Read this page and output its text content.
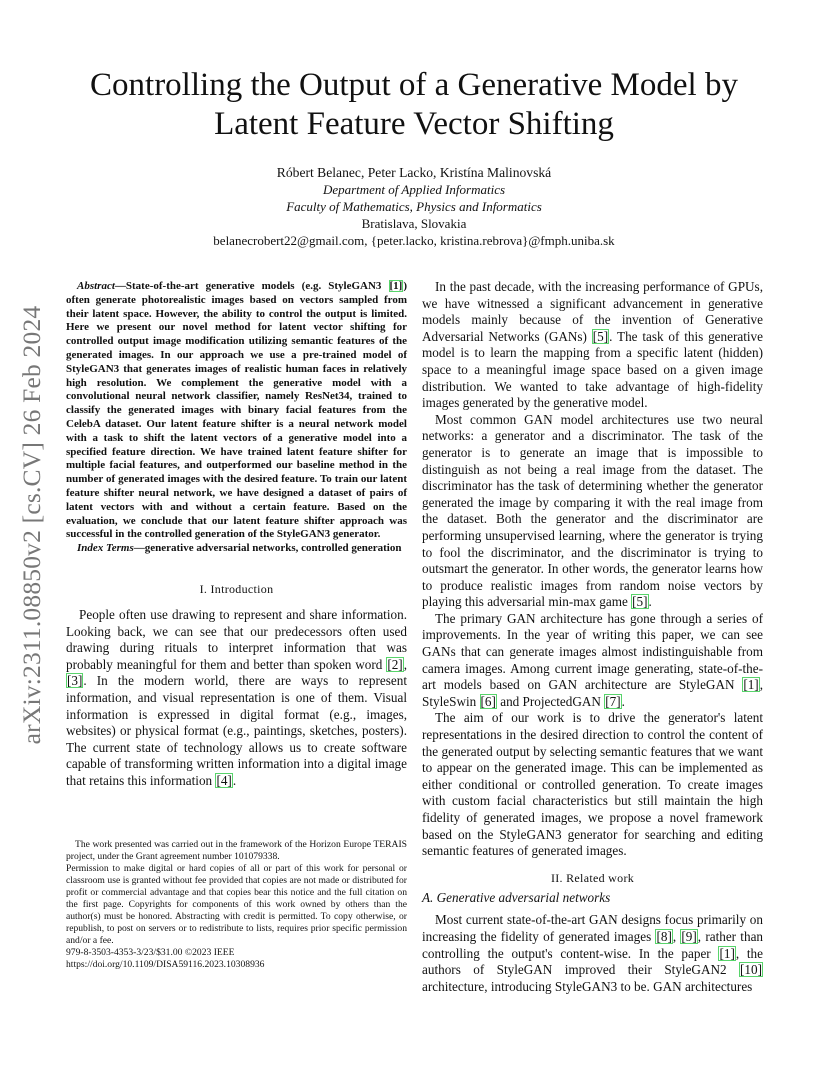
Controlling the Output of a Generative Model by
Latent Feature Vector Shifting
Róbert Belanec, Peter Lacko, Kristína Malinovská
Department of Applied Informatics
Faculty of Mathematics, Physics and Informatics
Bratislava, Slovakia
belanecrobert22@gmail.com, {peter.lacko, kristina.rebrova}@fmph.uniba.sk
arXiv:2311.08850v2 [cs.CV] 26 Feb 2024

Abstract—State-of-the-art generative models (e.g. StyleGAN3 [1]) often generate photorealistic images based on vectors sampled from their latent space. However, the ability to control the output is limited. Here we present our novel method for latent vector shifting for controlled output image modification utilizing semantic features of the generated images. In our approach we use a pre-trained model of StyleGAN3 that generates images of realistic human faces in relatively high resolution. We complement the generative model with a convolutional neural network classifier, namely ResNet34, trained to classify the generated images with binary facial features from the CelebA dataset. Our latent feature shifter is a neural network model with a task to shift the latent vectors of a generative model into a specified feature direction. We have trained latent feature shifter for multiple facial features, and outperformed our baseline method in the number of generated images with the desired feature. To train our latent feature shifter neural network, we have designed a dataset of pairs of latent vectors with and without a certain feature. Based on the evaluation, we conclude that our latent feature shifter approach was successful in the controlled generation of the StyleGAN3 generator.

Index Terms—generative adversarial networks, controlled generation

I. Introduction

People often use drawing to represent and share information. Looking back, we can see that our predecessors often used drawing during rituals to interpret information that was probably meaningful for them and better than spoken word [2], [3]. In the modern world, there are ways to represent information, and visual representation is one of them. Visual information is expressed in digital format (e.g., images, websites) or physical format (e.g., paintings, sketches, posters). The current state of technology allows us to create software capable of transforming written information into a digital image that retains this information [4].

The work presented was carried out in the framework of the Horizon Europe TERAIS project, under the Grant agreement number 101079338.

Permission to make digital or hard copies of all or part of this work for personal or classroom use is granted without fee provided that copies are not made or distributed for profit or commercial advantage and that copies bear this notice and the full citation on the first page. Copyrights for components of this work owned by others than the author(s) must be honored. Abstracting with credit is permitted. To copy otherwise, or republish, to post on servers or to redistribute to lists, requires prior specific permission and/or a fee.

979-8-3503-4353-3/23/$31.00 ©2023 IEEE

https://doi.org/10.1109/DISA59116.2023.10308936

In the past decade, with the increasing performance of GPUs, we have witnessed a significant advancement in generative models mainly because of the invention of Generative Adversarial Networks (GANs) [5]. The task of this generative model is to learn the mapping from a specific latent (hidden) space to a meaningful image space based on a given image distribution. We wanted to take advantage of high-fidelity images generated by the generative model.

Most common GAN model architectures use two neural networks: a generator and a discriminator. The task of the generator is to generate an image that is impossible to distinguish as not being a real image from the dataset. The discriminator has the task of determining whether the generator generated the image by comparing it with the real image from the dataset. Both the generator and the discriminator are performing unsupervised learning, where the generator is trying to fool the discriminator, and the discriminator is trying to outsmart the generator. In other words, the generator learns how to produce realistic images from random noise vectors by playing this adversarial min-max game [5].

The primary GAN architecture has gone through a series of improvements. In the year of writing this paper, we can see GANs that can generate images almost indistinguishable from camera images. Among current image generating, state-of-the-art models based on GAN architecture are StyleGAN [1], StyleSwin [6] and ProjectedGAN [7].

The aim of our work is to drive the generator's latent representations in the desired direction to control the content of the generated output by selecting semantic features that we want to appear on the generated image. This can be implemented as either conditional or controlled generation. To create images with custom facial characteristics but still maintain the high fidelity of generated images, we propose a novel framework based on the StyleGAN3 generator for searching and editing semantic features of generated images.

II. Related work

A. Generative adversarial networks

Most current state-of-the-art GAN designs focus primarily on increasing the fidelity of generated images [8], [9], rather than controlling the output's content-wise. In the paper [1], the authors of StyleGAN improved their StyleGAN2 [10] architecture, introducing StyleGAN3 to be. GAN architectures
